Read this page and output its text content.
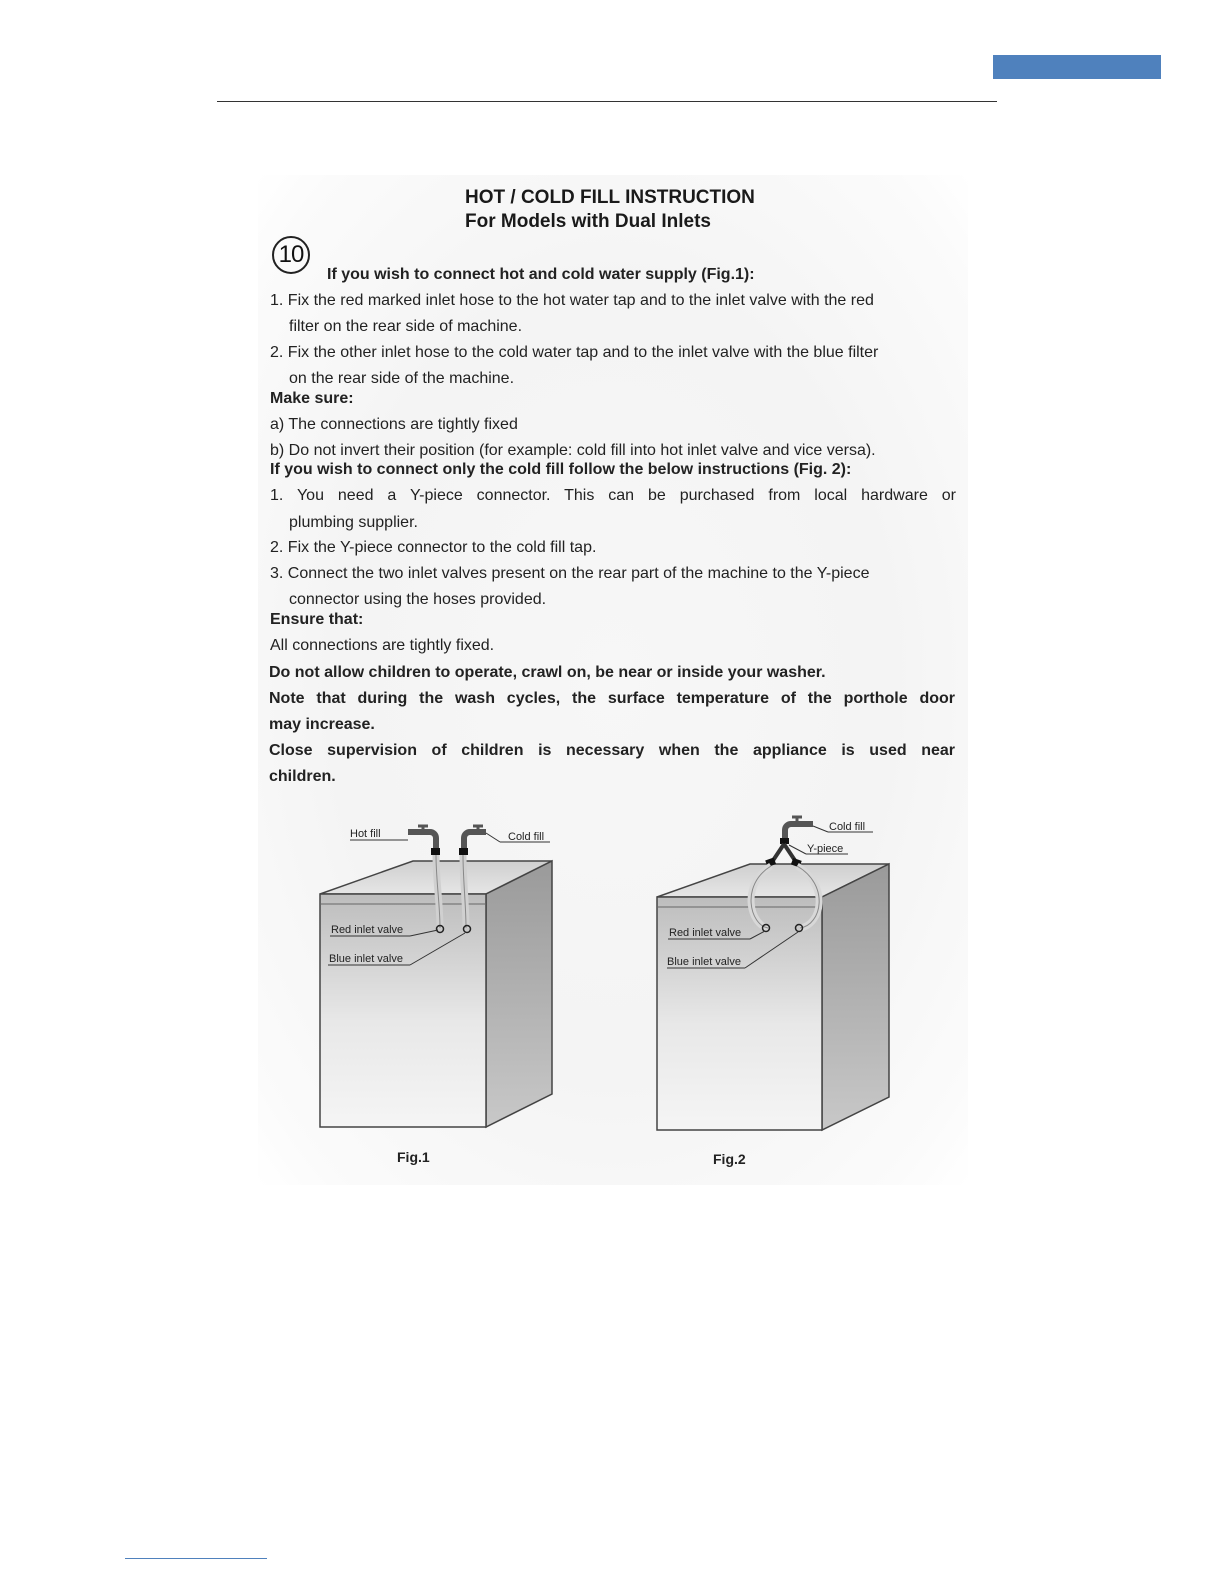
HOT / COLD FILL INSTRUCTION
For Models with Dual Inlets
10
If you wish to connect hot and cold water supply (Fig.1):
1. Fix the red marked inlet hose to the hot water tap and to the inlet valve with the red
filter on the rear side of machine.
2. Fix the other inlet hose to the cold water tap and to the inlet valve with the blue filter
on the rear side of the machine.
Make sure:
a) The connections are tightly fixed
b) Do not invert their position (for example: cold fill into hot inlet valve and vice versa).
If you wish to connect only the cold fill follow the below instructions (Fig. 2):
1. You need a Y-piece connector. This can be purchased from local hardware or
plumbing supplier.
2. Fix the Y-piece connector to the cold fill tap.
3. Connect the two inlet valves present on the rear part of the machine to the Y-piece
connector using the hoses provided.
Ensure that:
All connections are tightly fixed.
Do not allow children to operate, crawl on, be near or inside your washer.
Note that during the wash cycles, the surface temperature of the porthole door
may increase.
Close supervision of children is necessary when the appliance is used near
children.
Hot fill	Cold fill
Red inlet valve
Blue inlet valve
Cold fill
Y-piece
Red inlet valve
Blue inlet valve
Fig.1	Fig.2
